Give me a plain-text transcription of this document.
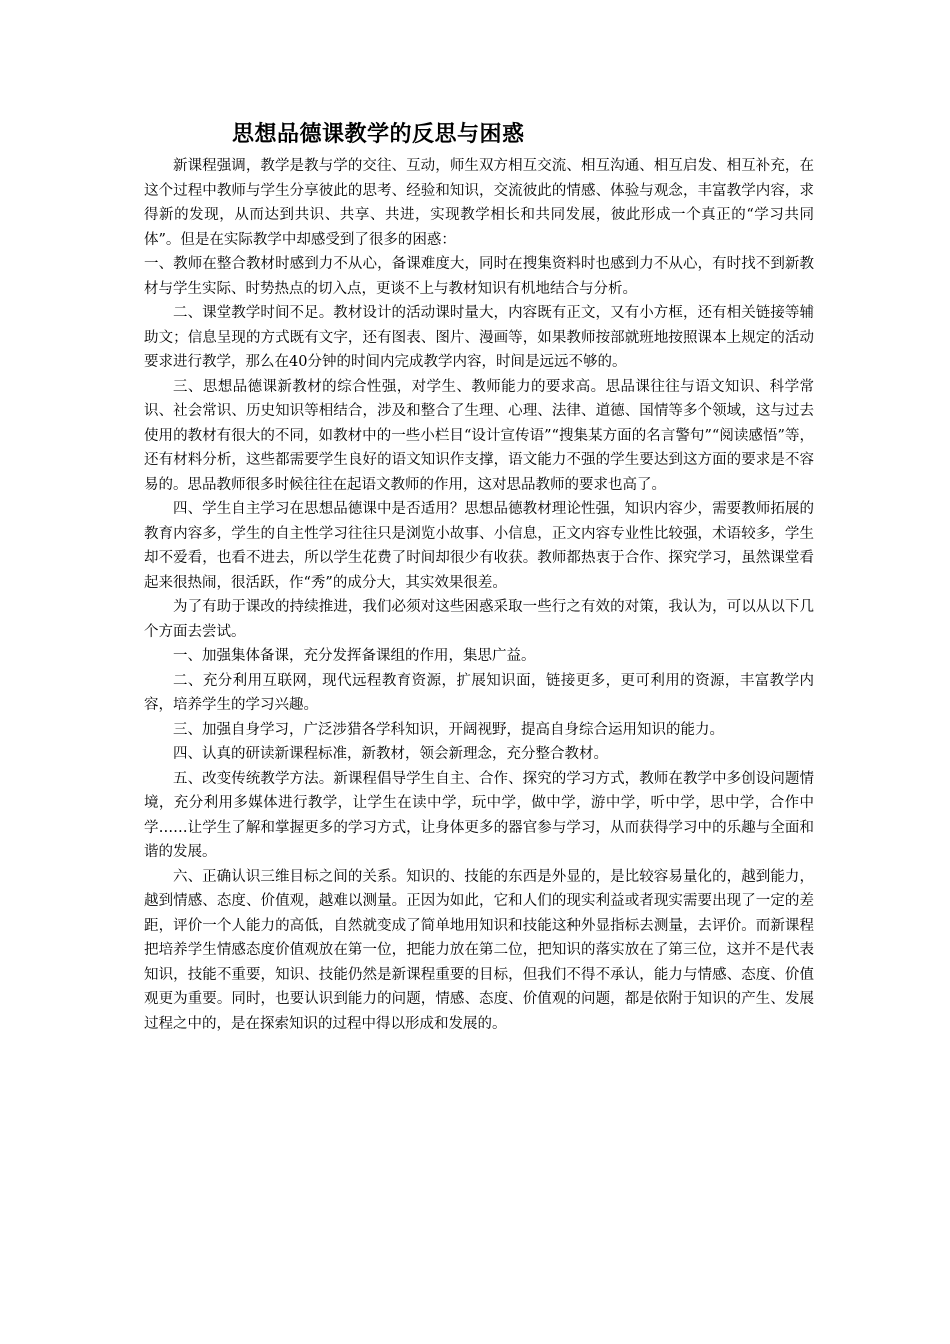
思想品德课教学的反思与困惑

新课程强调，教学是教与学的交往、互动，师生双方相互交流、相互沟通、相互启发、相互补充，在这个过程中教师与学生分享彼此的思考、经验和知识，交流彼此的情感、体验与观念，丰富教学内容，求得新的发现，从而达到共识、共享、共进，实现教学相长和共同发展，彼此形成一个真正的“学习共同体”。但是在实际教学中却感受到了很多的困惑：

一、教师在整合教材时感到力不从心，备课难度大，同时在搜集资料时也感到力不从心，有时找不到新教材与学生实际、时势热点的切入点，更谈不上与教材知识有机地结合与分析。

二、课堂教学时间不足。教材设计的活动课时量大，内容既有正文，又有小方框，还有相关链接等辅助文；信息呈现的方式既有文字，还有图表、图片、漫画等，如果教师按部就班地按照课本上规定的活动要求进行教学，那么在40分钟的时间内完成教学内容，时间是远远不够的。

三、思想品德课新教材的综合性强，对学生、教师能力的要求高。思品课往往与语文知识、科学常识、社会常识、历史知识等相结合，涉及和整合了生理、心理、法律、道德、国情等多个领域，这与过去使用的教材有很大的不同，如教材中的一些小栏目“设计宣传语”“搜集某方面的名言警句”“阅读感悟”等，还有材料分析，这些都需要学生良好的语文知识作支撑，语文能力不强的学生要达到这方面的要求是不容易的。思品教师很多时候往往在起语文教师的作用，这对思品教师的要求也高了。

四、学生自主学习在思想品德课中是否适用？思想品德教材理论性强，知识内容少，需要教师拓展的教育内容多，学生的自主性学习往往只是浏览小故事、小信息，正文内容专业性比较强，术语较多，学生却不爱看，也看不进去，所以学生花费了时间却很少有收获。教师都热衷于合作、探究学习，虽然课堂看起来很热闹，很活跃，作“秀”的成分大，其实效果很差。

为了有助于课改的持续推进，我们必须对这些困惑采取一些行之有效的对策，我认为，可以从以下几个方面去尝试。

一、加强集体备课，充分发挥备课组的作用，集思广益。

二、充分利用互联网，现代远程教育资源，扩展知识面，链接更多，更可利用的资源，丰富教学内容，培养学生的学习兴趣。

三、加强自身学习，广泛涉猎各学科知识，开阔视野，提高自身综合运用知识的能力。

四、认真的研读新课程标准，新教材，领会新理念，充分整合教材。

五、改变传统教学方法。新课程倡导学生自主、合作、探究的学习方式，教师在教学中多创设问题情境，充分利用多媒体进行教学，让学生在读中学，玩中学，做中学，游中学，听中学，思中学，合作中学……让学生了解和掌握更多的学习方式，让身体更多的器官参与学习，从而获得学习中的乐趣与全面和谐的发展。

六、正确认识三维目标之间的关系。知识的、技能的东西是外显的，是比较容易量化的，越到能力，越到情感、态度、价值观，越难以测量。正因为如此，它和人们的现实利益或者现实需要出现了一定的差距，评价一个人能力的高低，自然就变成了简单地用知识和技能这种外显指标去测量，去评价。而新课程把培养学生情感态度价值观放在第一位，把能力放在第二位，把知识的落实放在了第三位，这并不是代表知识，技能不重要，知识、技能仍然是新课程重要的目标，但我们不得不承认，能力与情感、态度、价值观更为重要。同时，也要认识到能力的问题，情感、态度、价值观的问题，都是依附于知识的产生、发展过程之中的，是在探索知识的过程中得以形成和发展的。
